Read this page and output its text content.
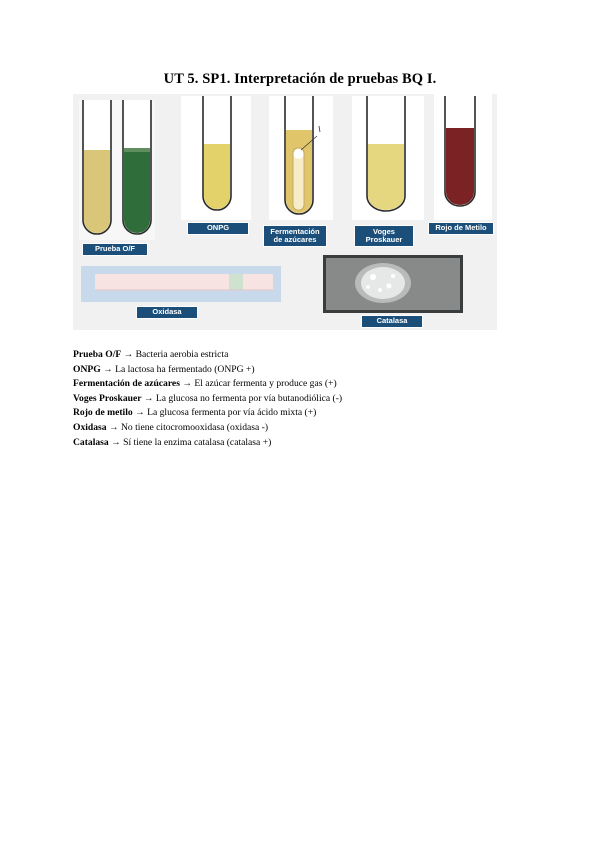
UT 5. SP1. Interpretación de pruebas BQ I.
Prueba O/F
ONPG	Fermentación de azúcares
Voges Proskauer
Rojo de Metilo
Oxidasa
Catalasa
Prueba O/F → Bacteria aerobia estricta
ONPG → La lactosa ha fermentado (ONPG +)
Fermentación de azúcares → El azúcar fermenta y produce gas (+)
Voges Proskauer → La glucosa no fermenta por vía butanodiólica (-)
Rojo de metilo → La glucosa fermenta por vía ácido mixta (+)
Oxidasa → No tiene citocromooxidasa (oxidasa -)
Catalasa → Sí tiene la enzima catalasa (catalasa +)
